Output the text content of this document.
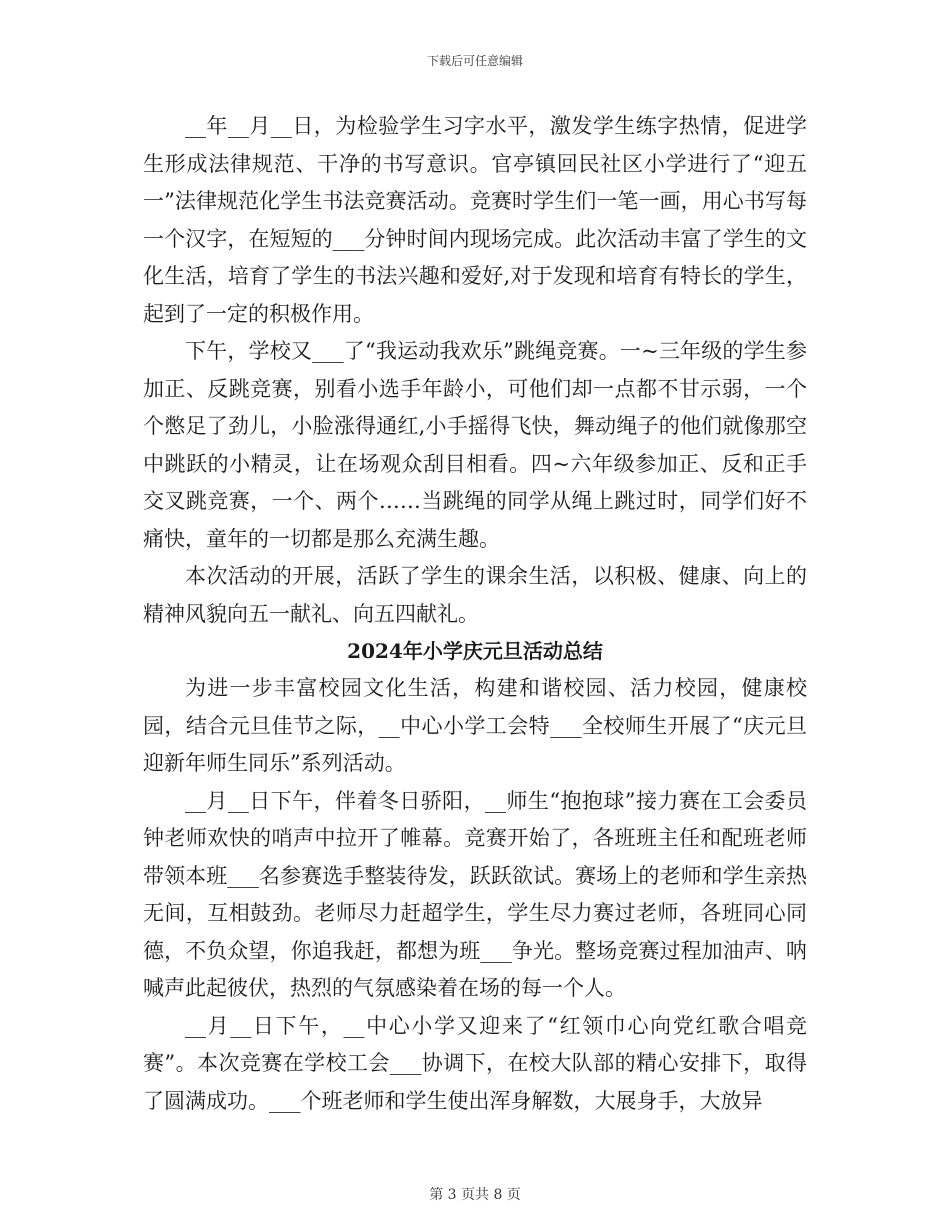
下载后可任意编辑

__年__月__日，为检验学生习字水平，激发学生练字热情，促进学生形成法律规范、干净的书写意识。官亭镇回民社区小学进行了“迎五一”法律规范化学生书法竞赛活动。竞赛时学生们一笔一画，用心书写每一个汉字，在短短的___分钟时间内现场完成。此次活动丰富了学生的文化生活，培育了学生的书法兴趣和爱好,对于发现和培育有特长的学生，起到了一定的积极作用。

下午，学校又___了“我运动我欢乐”跳绳竞赛。一~三年级的学生参加正、反跳竞赛，别看小选手年龄小，可他们却一点都不甘示弱，一个个憋足了劲儿，小脸涨得通红,小手摇得飞快，舞动绳子的他们就像那空中跳跃的小精灵，让在场观众刮目相看。四~六年级参加正、反和正手交叉跳竞赛，一个、两个……当跳绳的同学从绳上跳过时，同学们好不痛快，童年的一切都是那么充满生趣。

本次活动的开展，活跃了学生的课余生活，以积极、健康、向上的精神风貌向五一献礼、向五四献礼。

2024年小学庆元旦活动总结

为进一步丰富校园文化生活，构建和谐校园、活力校园，健康校园，结合元旦佳节之际，__中心小学工会特___全校师生开展了“庆元旦迎新年师生同乐”系列活动。

__月__日下午，伴着冬日骄阳，__师生“抱抱球”接力赛在工会委员钟老师欢快的哨声中拉开了帷幕。竞赛开始了，各班班主任和配班老师带领本班___名参赛选手整装待发，跃跃欲试。赛场上的老师和学生亲热无间，互相鼓劲。老师尽力赶超学生，学生尽力赛过老师，各班同心同德，不负众望，你追我赶，都想为班___争光。整场竞赛过程加油声、呐喊声此起彼伏，热烈的气氛感染着在场的每一个人。

__月__日下午，__中心小学又迎来了“红领巾心向党红歌合唱竞赛”。本次竞赛在学校工会___协调下，在校大队部的精心安排下，取得了圆满成功。___个班老师和学生使出浑身解数，大展身手，大放异

第 3 页共 8 页
